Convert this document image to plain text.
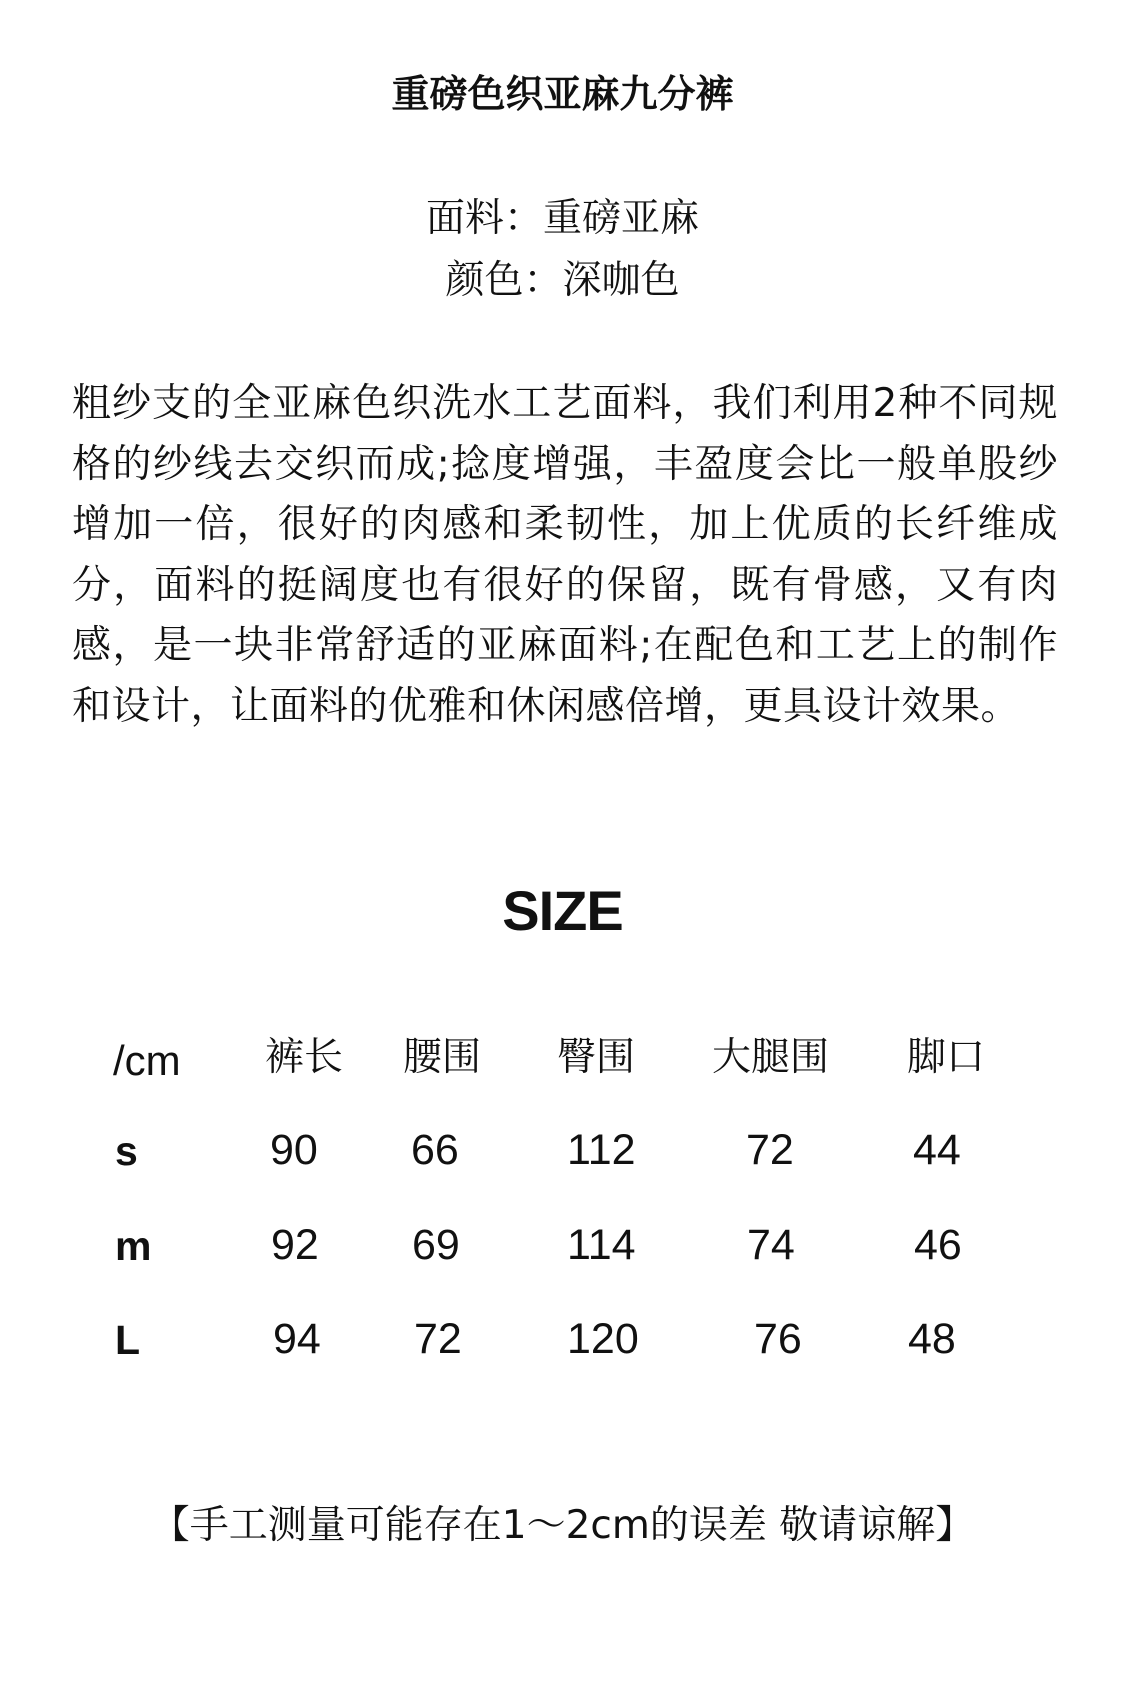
重磅色织亚麻九分裤
面料：重磅亚麻
颜色：深咖色
粗纱支的全亚麻色织洗水工艺面料，我们利用2种不同规格的纱线去交织而成;捻度增强，丰盈度会比一般单股纱增加一倍，很好的肉感和柔韧性，加上优质的长纤维成分，面料的挺阔度也有很好的保留，既有骨感，又有肉感，是一块非常舒适的亚麻面料;在配色和工艺上的制作和设计，让面料的优雅和休闲感倍增，更具设计效果。
SIZE
/cm 裤长 腰围 臀围 大腿围 脚口
s	90 66	112	72	44
m	92 69 114	74	46
L	94 72 120	76 48
【手工测量可能存在1～2cm的误差 敬请谅解】
